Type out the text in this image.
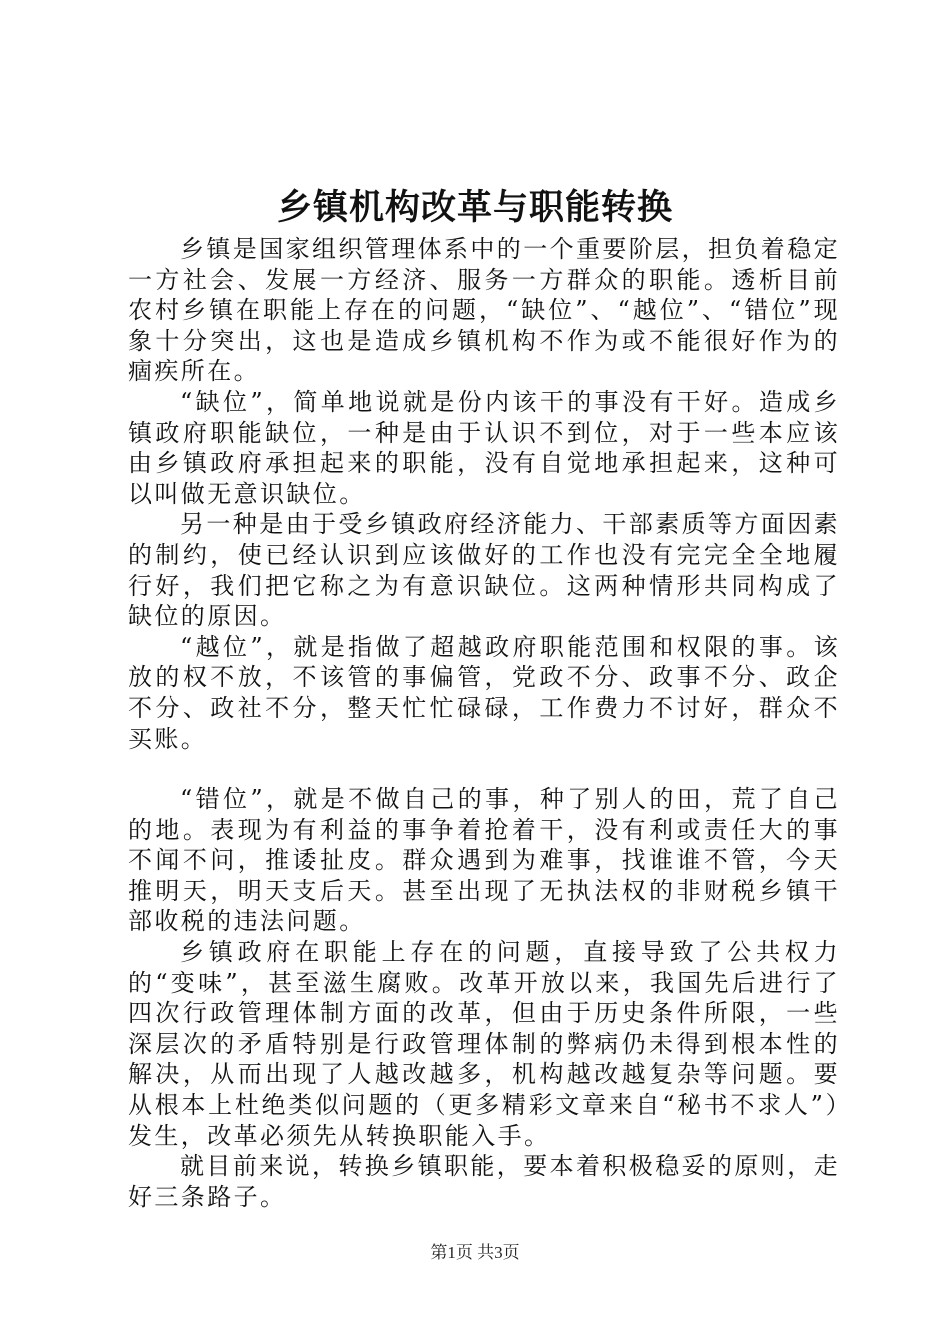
乡镇机构改革与职能转换

乡镇是国家组织管理体系中的一个重要阶层，担负着稳定一方社会、发展一方经济、服务一方群众的职能。透析目前农村乡镇在职能上存在的问题，“缺位”、“越位”、“错位”现象十分突出，这也是造成乡镇机构不作为或不能很好作为的痼疾所在。

“缺位”，简单地说就是份内该干的事没有干好。造成乡镇政府职能缺位，一种是由于认识不到位，对于一些本应该由乡镇政府承担起来的职能，没有自觉地承担起来，这种可以叫做无意识缺位。

另一种是由于受乡镇政府经济能力、干部素质等方面因素的制约，使已经认识到应该做好的工作也没有完完全全地履行好，我们把它称之为有意识缺位。这两种情形共同构成了缺位的原因。

“越位”，就是指做了超越政府职能范围和权限的事。该放的权不放，不该管的事偏管，党政不分、政事不分、政企不分、政社不分，整天忙忙碌碌，工作费力不讨好，群众不买账。

“错位”，就是不做自己的事，种了别人的田，荒了自己的地。表现为有利益的事争着抢着干，没有利或责任大的事不闻不问，推诿扯皮。群众遇到为难事，找谁谁不管，今天推明天，明天支后天。甚至出现了无执法权的非财税乡镇干部收税的违法问题。

乡镇政府在职能上存在的问题，直接导致了公共权力的“变味”，甚至滋生腐败。改革开放以来，我国先后进行了四次行政管理体制方面的改革，但由于历史条件所限，一些深层次的矛盾特别是行政管理体制的弊病仍未得到根本性的解决，从而出现了人越改越多，机构越改越复杂等问题。要从根本上杜绝类似问题的（更多精彩文章来自“秘书不求人”）发生，改革必须先从转换职能入手。

就目前来说，转换乡镇职能，要本着积极稳妥的原则，走好三条路子。

第1页 共3页
